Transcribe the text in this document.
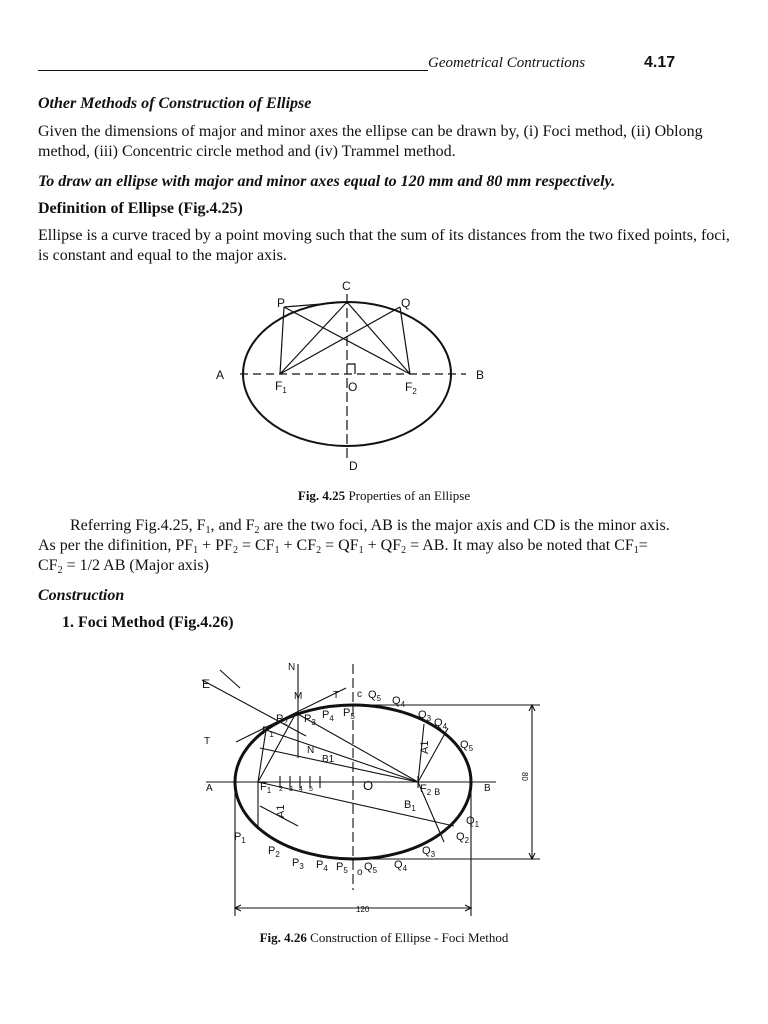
Geometrical Contructions	4.17
Other Methods of Construction of Ellipse
Given the dimensions of major and minor axes the ellipse can be drawn by, (i) Foci method, (ii) Oblong method, (iii) Concentric circle method and (iv) Trammel method.
To draw an ellipse with major and minor axes equal to 120 mm and 80 mm respectively.
Definition of Ellipse (Fig.4.25)
Ellipse is a curve traced by a point moving such that the sum of its distances from the two fixed points, foci, is constant and equal to the major axis.
A	B
C
D
P	Q
O
$F_1$	$F_2$
Fig. 4.25 Properties of an Ellipse
Referring Fig.4.25, $F_1$, and $F_2$ are the two foci, AB is the major axis and CD is the minor axis.
As per the difinition, $PF_1 + PF_2 = CF_1 + CF_2 = QF_1 + QF_2$ = AB. It may also be noted that $CF_1=$
$CF_2 = 1/2$ AB (Major axis)
Construction
1. Foci Method (Fig.4.26)
E
N
M	T
T
c
A	B
O
o
N
B1
$F_1$	$F_2$ B
$B_1$
2 3 4 5
A1
A1
120
80
$P_1$
$P_2$ $P_3$
$P_4$ $P_5$
$Q_5$ $Q_4$
$Q_3$ $Q_4$
$Q_5$
$Q_1$
$Q_2$
$Q_3$
$Q_4$
$Q_5$
$P_1$
$P_2$
$P_3$ $P_4$ $P_5$
Fig. 4.26 Construction of Ellipse - Foci Method
